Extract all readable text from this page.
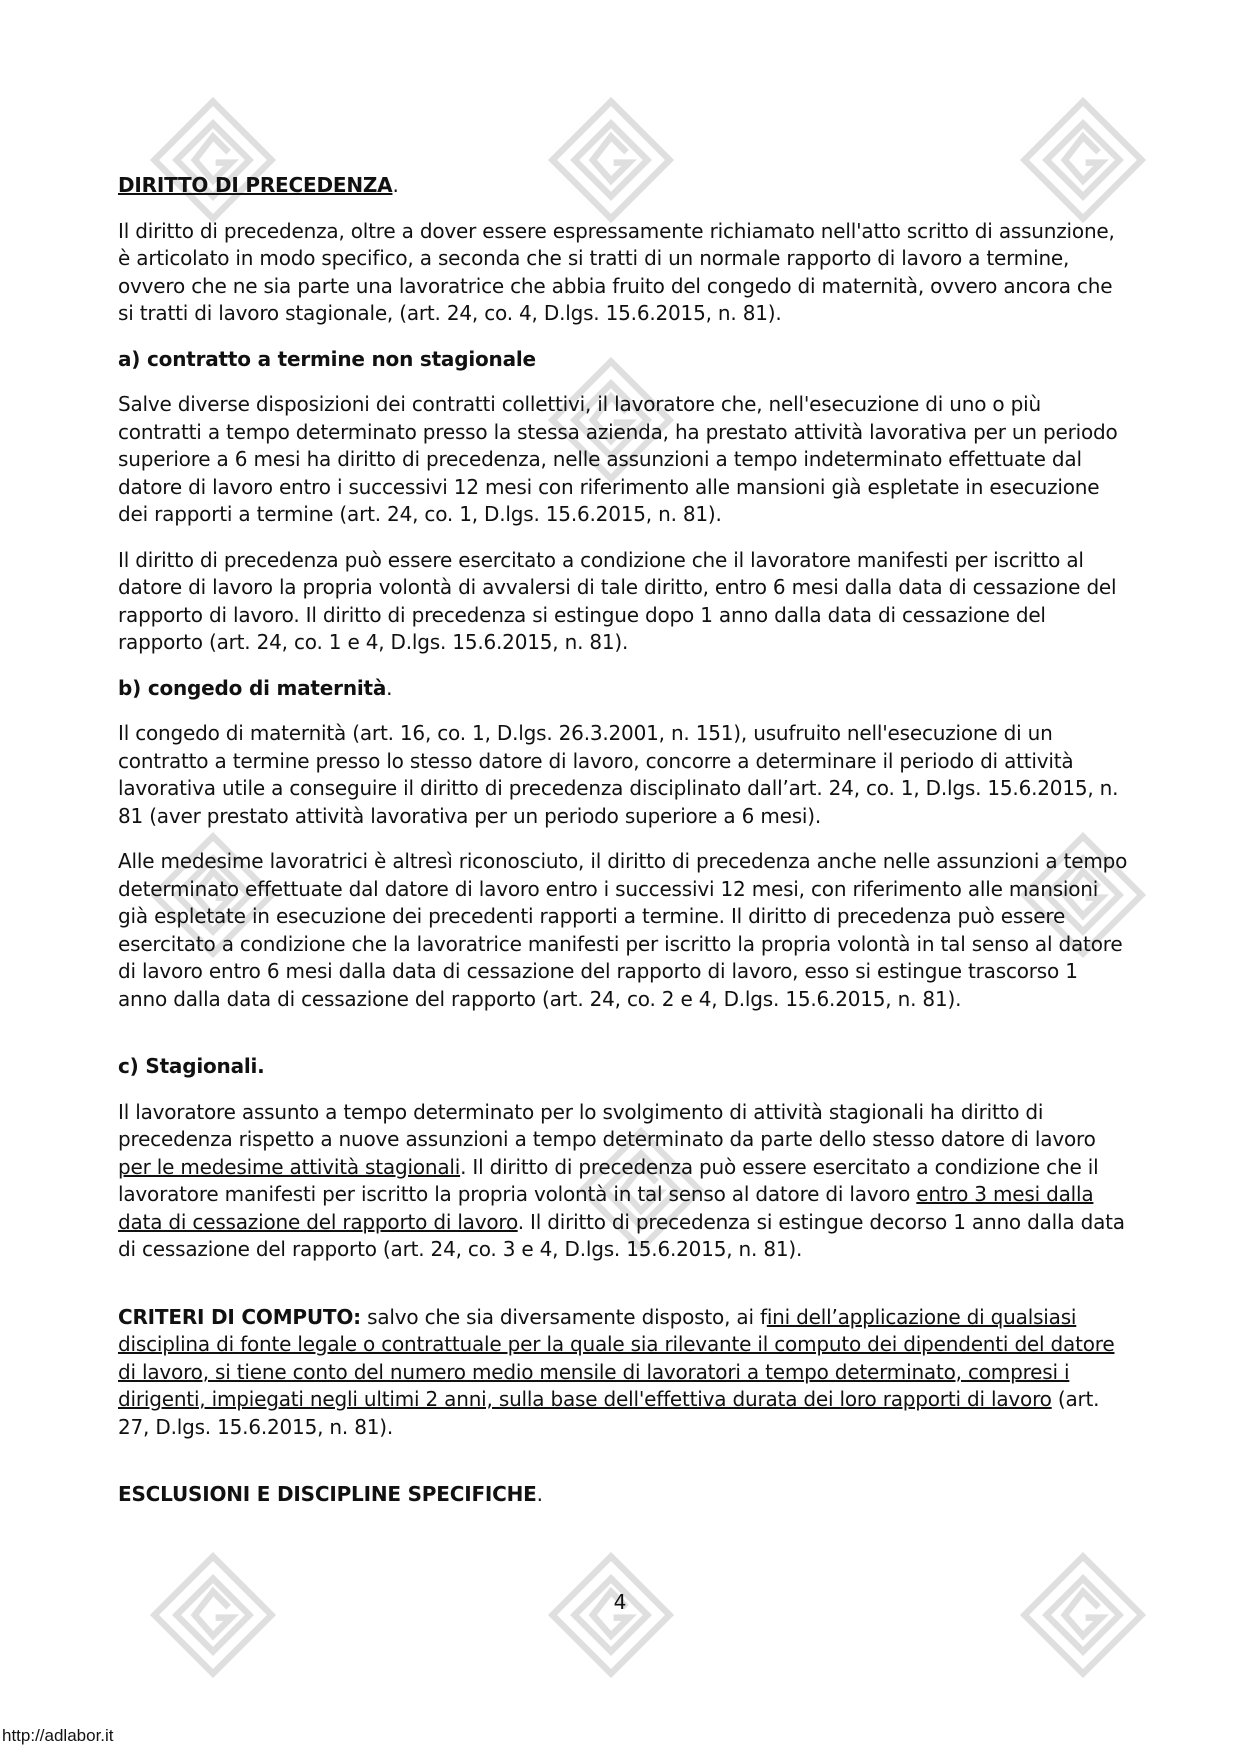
DIRITTO DI PRECEDENZA.

Il diritto di precedenza, oltre a dover essere espressamente richiamato nell'atto scritto di assunzione, è articolato in modo specifico, a seconda che si tratti di un normale rapporto di lavoro a termine, ovvero che ne sia parte una lavoratrice che abbia fruito del congedo di maternità, ovvero ancora che si tratti di lavoro stagionale, (art. 24, co. 4, D.lgs. 15.6.2015, n. 81).

a) contratto a termine non stagionale

Salve diverse disposizioni dei contratti collettivi, il lavoratore che, nell'esecuzione di uno o più contratti a tempo determinato presso la stessa azienda, ha prestato attività lavorativa per un periodo superiore a 6 mesi ha diritto di precedenza, nelle assunzioni a tempo indeterminato effettuate dal datore di lavoro entro i successivi 12 mesi con riferimento alle mansioni già espletate in esecuzione dei rapporti a termine (art. 24, co. 1, D.lgs. 15.6.2015, n. 81).

Il diritto di precedenza può essere esercitato a condizione che il lavoratore manifesti per iscritto al datore di lavoro la propria volontà di avvalersi di tale diritto, entro 6 mesi dalla data di cessazione del rapporto di lavoro. Il diritto di precedenza si estingue dopo 1 anno dalla data di cessazione del rapporto (art. 24, co. 1 e 4, D.lgs. 15.6.2015, n. 81).

b) congedo di maternità.

Il congedo di maternità (art. 16, co. 1, D.lgs. 26.3.2001, n. 151), usufruito nell'esecuzione di un contratto a termine presso lo stesso datore di lavoro, concorre a determinare il periodo di attività lavorativa utile a conseguire il diritto di precedenza disciplinato dall’art. 24, co. 1, D.lgs. 15.6.2015, n. 81 (aver prestato attività lavorativa per un periodo superiore a 6 mesi).

Alle medesime lavoratrici è altresì riconosciuto, il diritto di precedenza anche nelle assunzioni a tempo determinato effettuate dal datore di lavoro entro i successivi 12 mesi, con riferimento alle mansioni già espletate in esecuzione dei precedenti rapporti a termine. Il diritto di precedenza può essere esercitato a condizione che la lavoratrice manifesti per iscritto la propria volontà in tal senso al datore di lavoro entro 6 mesi dalla data di cessazione del rapporto di lavoro, esso si estingue trascorso 1 anno dalla data di cessazione del rapporto (art. 24, co. 2 e 4, D.lgs. 15.6.2015, n. 81).

c) Stagionali.

Il lavoratore assunto a tempo determinato per lo svolgimento di attività stagionali ha diritto di precedenza rispetto a nuove assunzioni a tempo determinato da parte dello stesso datore di lavoro per le medesime attività stagionali. Il diritto di precedenza può essere esercitato a condizione che il lavoratore manifesti per iscritto la propria volontà in tal senso al datore di lavoro entro 3 mesi dalla data di cessazione del rapporto di lavoro. Il diritto di precedenza si estingue decorso 1 anno dalla data di cessazione del rapporto (art. 24, co. 3 e 4, D.lgs. 15.6.2015, n. 81).

CRITERI DI COMPUTO: salvo che sia diversamente disposto, ai fini dell’applicazione di qualsiasi disciplina di fonte legale o contrattuale per la quale sia rilevante il computo dei dipendenti del datore di lavoro, si tiene conto del numero medio mensile di lavoratori a tempo determinato, compresi i dirigenti, impiegati negli ultimi 2 anni, sulla base dell'effettiva durata dei loro rapporti di lavoro (art. 27, D.lgs. 15.6.2015, n. 81).

ESCLUSIONI E DISCIPLINE SPECIFICHE.

4
http://adlabor.it
